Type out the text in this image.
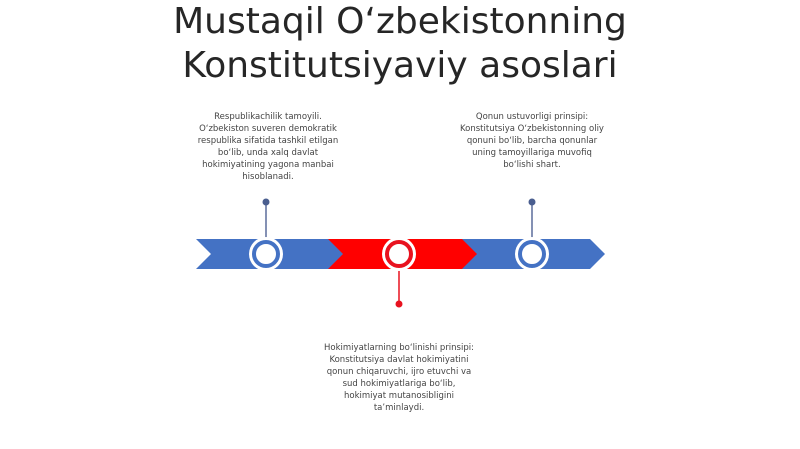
Mustaqil O‘zbekistonning
Konstitutsiyaviy asoslari
Respublikachilik tamoyili.
O‘zbekiston suveren demokratik
respublika sifatida tashkil etilgan
bo‘lib, unda xalq davlat
hokimiyatining yagona manbai
hisoblanadi.
Qonun ustuvorligi prinsipi:
Konstitutsiya O‘zbekistonning oliy
qonuni bo‘lib, barcha qonunlar
uning tamoyillariga muvofiq
bo‘lishi shart.
Hokimiyatlarning bo‘linishi prinsipi:
Konstitutsiya davlat hokimiyatini
qonun chiqaruvchi, ijro etuvchi va
sud hokimiyatlariga bo‘lib,
hokimiyat mutanosibligini
ta’minlaydi.
